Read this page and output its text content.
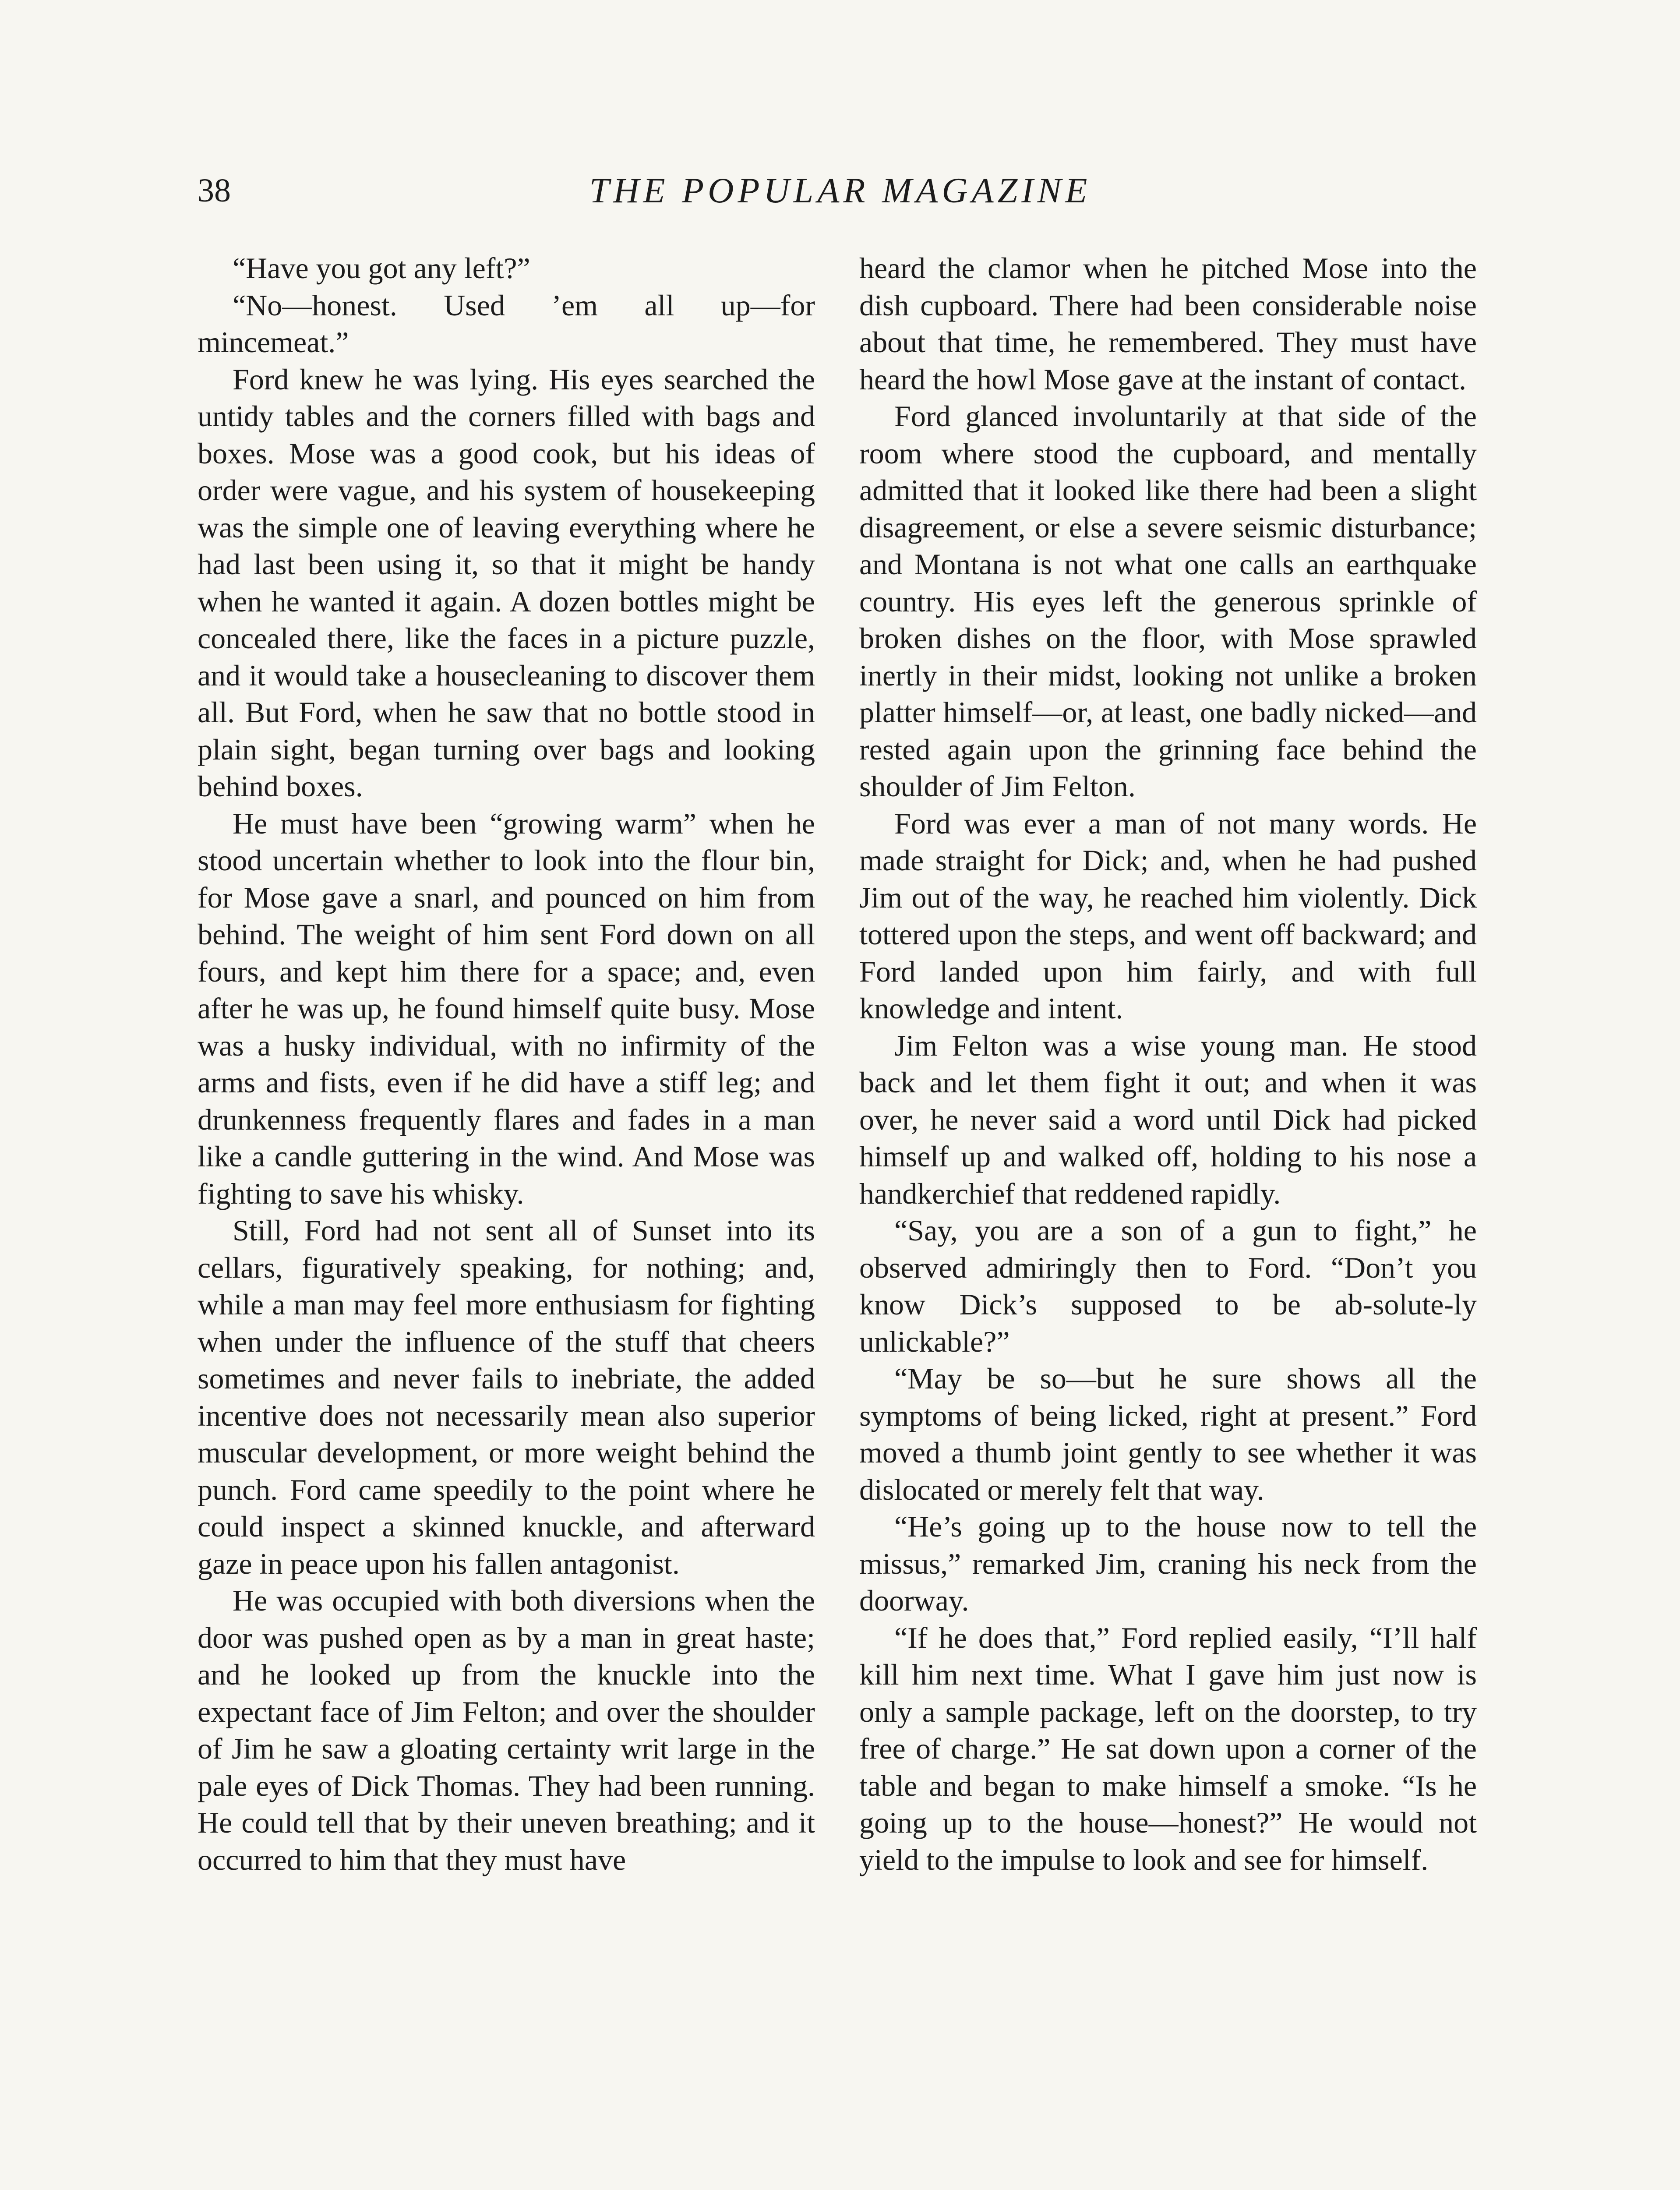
38	THE POPULAR MAGAZINE

“Have you got any left?”

“No—honest. Used ’em all up—for mincemeat.”

Ford knew he was lying. His eyes searched the untidy tables and the corners filled with bags and boxes. Mose was a good cook, but his ideas of order were vague, and his system of housekeeping was the simple one of leaving everything where he had last been using it, so that it might be handy when he wanted it again. A dozen bottles might be concealed there, like the faces in a picture puzzle, and it would take a housecleaning to discover them all. But Ford, when he saw that no bottle stood in plain sight, began turning over bags and looking behind boxes.

He must have been “growing warm” when he stood uncertain whether to look into the flour bin, for Mose gave a snarl, and pounced on him from behind. The weight of him sent Ford down on all fours, and kept him there for a space; and, even after he was up, he found himself quite busy. Mose was a husky individual, with no infirmity of the arms and fists, even if he did have a stiff leg; and drunkenness frequently flares and fades in a man like a candle guttering in the wind. And Mose was fighting to save his whisky.

Still, Ford had not sent all of Sunset into its cellars, figuratively speaking, for nothing; and, while a man may feel more enthusiasm for fighting when under the influence of the stuff that cheers sometimes and never fails to inebriate, the added incentive does not necessarily mean also superior muscular development, or more weight behind the punch. Ford came speedily to the point where he could inspect a skinned knuckle, and afterward gaze in peace upon his fallen antagonist.

He was occupied with both diversions when the door was pushed open as by a man in great haste; and he looked up from the knuckle into the expectant face of Jim Felton; and over the shoulder of Jim he saw a gloating certainty writ large in the pale eyes of Dick Thomas. They had been running. He could tell that by their uneven breathing; and it occurred to him that they must have

heard the clamor when he pitched Mose into the dish cupboard. There had been considerable noise about that time, he remembered. They must have heard the howl Mose gave at the instant of contact.

Ford glanced involuntarily at that side of the room where stood the cupboard, and mentally admitted that it looked like there had been a slight disagreement, or else a severe seismic disturbance; and Montana is not what one calls an earthquake country. His eyes left the generous sprinkle of broken dishes on the floor, with Mose sprawled inertly in their midst, looking not unlike a broken platter himself—or, at least, one badly nicked—and rested again upon the grinning face behind the shoulder of Jim Felton.

Ford was ever a man of not many words. He made straight for Dick; and, when he had pushed Jim out of the way, he reached him violently. Dick tottered upon the steps, and went off backward; and Ford landed upon him fairly, and with full knowledge and intent.

Jim Felton was a wise young man. He stood back and let them fight it out; and when it was over, he never said a word until Dick had picked himself up and walked off, holding to his nose a handkerchief that reddened rapidly.

“Say, you are a son of a gun to fight,” he observed admiringly then to Ford. “Don’t you know Dick’s supposed to be ab-solute-ly unlickable?”

“May be so—but he sure shows all the symptoms of being licked, right at present.” Ford moved a thumb joint gently to see whether it was dislocated or merely felt that way.

“He’s going up to the house now to tell the missus,” remarked Jim, craning his neck from the doorway.

“If he does that,” Ford replied easily, “I’ll half kill him next time. What I gave him just now is only a sample package, left on the doorstep, to try free of charge.” He sat down upon a corner of the table and began to make himself a smoke. “Is he going up to the house—honest?” He would not yield to the impulse to look and see for himself.
